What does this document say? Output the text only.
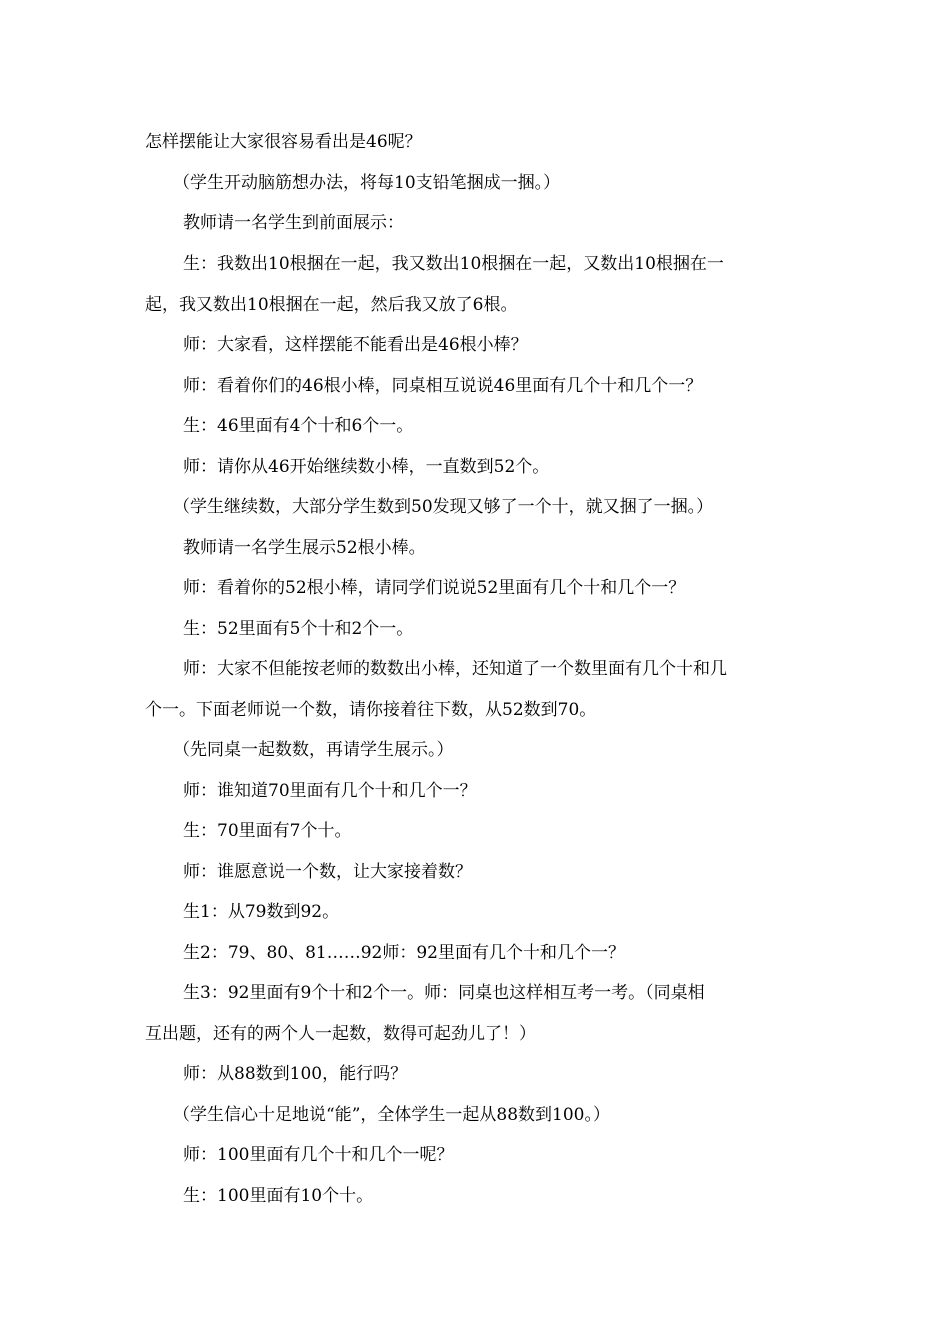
怎样摆能让大家很容易看出是46呢？
（学生开动脑筋想办法，将每10支铅笔捆成一捆。）
教师请一名学生到前面展示：
生：我数出10根捆在一起，我又数出10根捆在一起，又数出10根捆在一
起，我又数出10根捆在一起，然后我又放了6根。
师：大家看，这样摆能不能看出是46根小棒？
师：看着你们的46根小棒，同桌相互说说46里面有几个十和几个一？
生：46里面有4个十和6个一。
师：请你从46开始继续数小棒，一直数到52个。
（学生继续数，大部分学生数到50发现又够了一个十，就又捆了一捆。）
教师请一名学生展示52根小棒。
师：看着你的52根小棒，请同学们说说52里面有几个十和几个一？
生：52里面有5个十和2个一。
师：大家不但能按老师的数数出小棒，还知道了一个数里面有几个十和几
个一。下面老师说一个数，请你接着往下数，从52数到70。
（先同桌一起数数，再请学生展示。）
师：谁知道70里面有几个十和几个一？
生：70里面有7个十。
师：谁愿意说一个数，让大家接着数？
生1：从79数到92。
生2：79、80、81……92师：92里面有几个十和几个一？
生3：92里面有9个十和2个一。师：同桌也这样相互考一考。（同桌相
互出题，还有的两个人一起数，数得可起劲儿了！）
师：从88数到100，能行吗？
（学生信心十足地说“能”，全体学生一起从88数到100。）
师：100里面有几个十和几个一呢？
生：100里面有10个十。
